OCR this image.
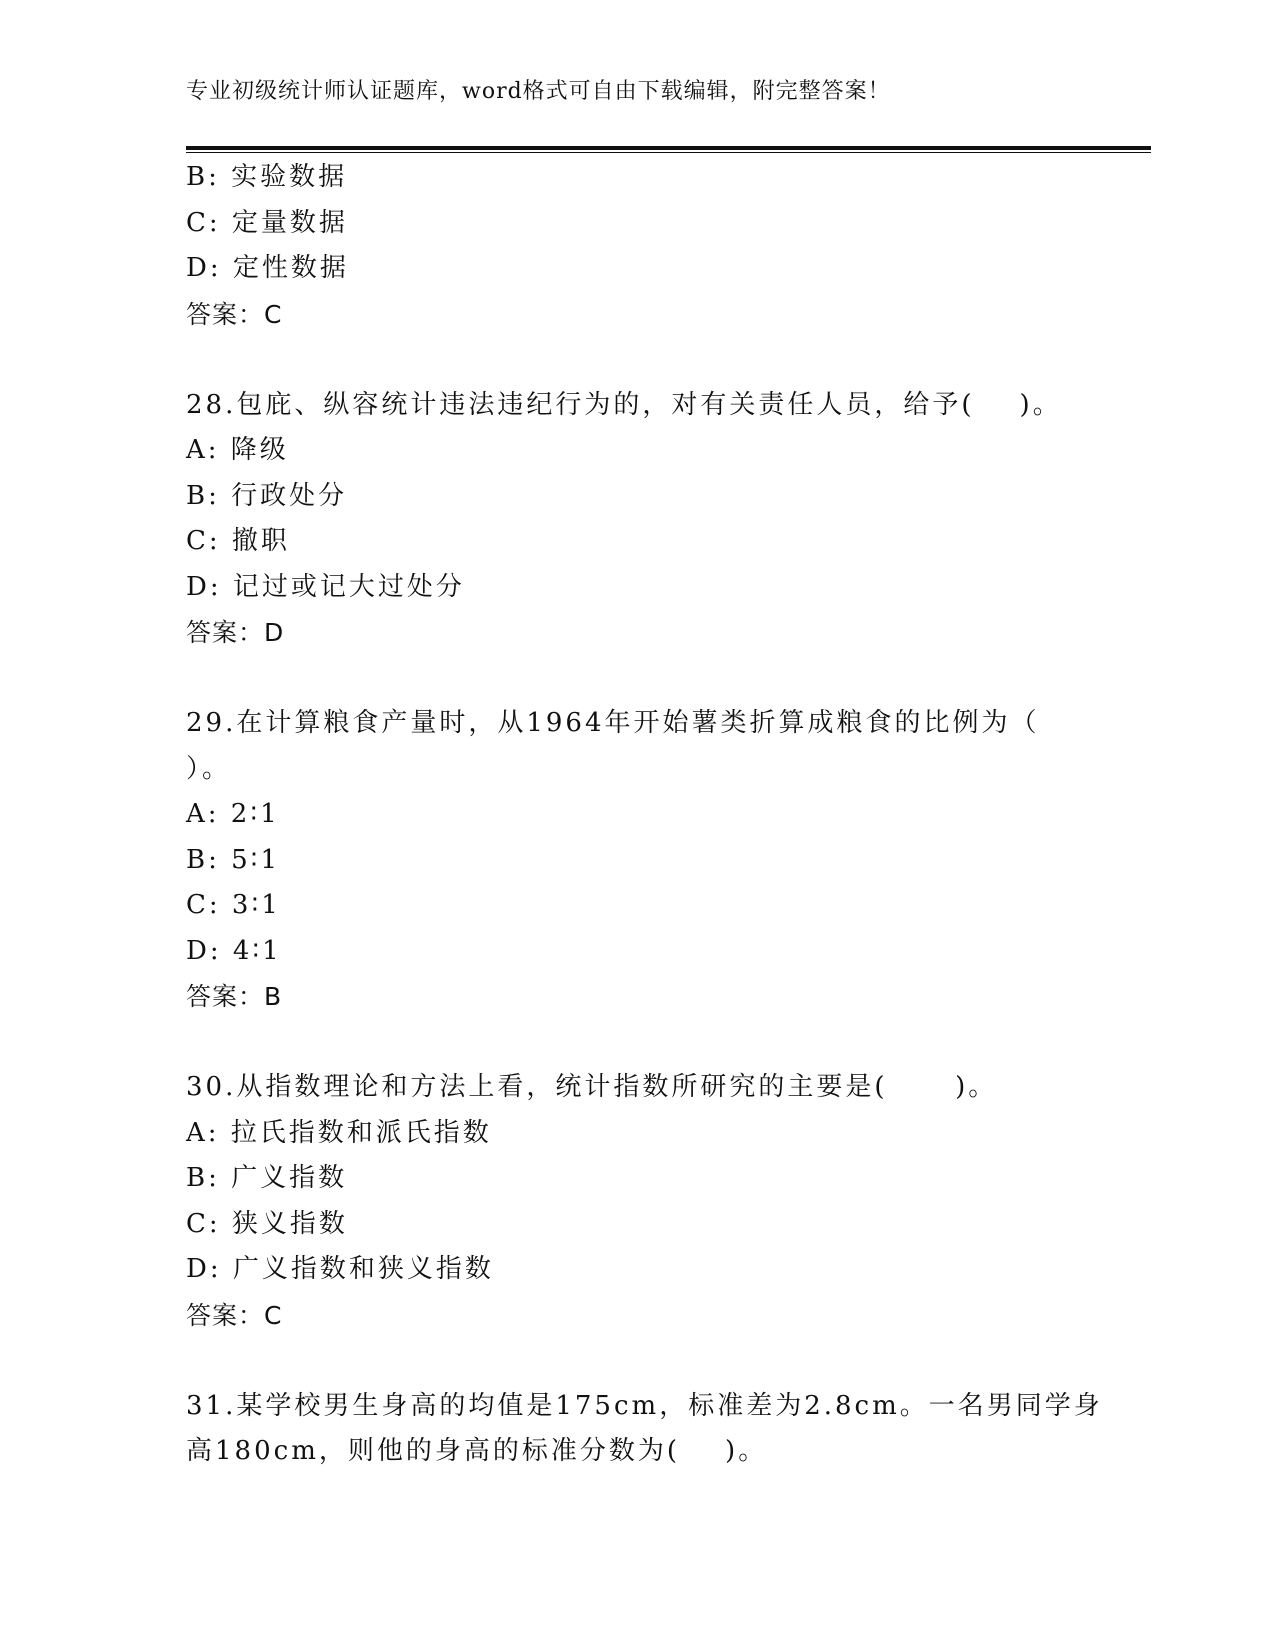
专业初级统计师认证题库，word格式可自由下载编辑，附完整答案！
B: 实验数据
C: 定量数据
D: 定性数据
答案：C
28.包庇、纵容统计违法违纪行为的，对有关责任人员，给予(    )。
A: 降级
B: 行政处分
C: 撤职
D: 记过或记大过处分
答案：D
29.在计算粮食产量时，从1964年开始薯类折算成粮食的比例为（
）。
A: 2∶1
B: 5∶1
C: 3∶1
D: 4∶1
答案：B
30.从指数理论和方法上看，统计指数所研究的主要是(      )。
A: 拉氏指数和派氏指数
B: 广义指数
C: 狭义指数
D: 广义指数和狭义指数
答案：C
31.某学校男生身高的均值是175cm，标准差为2.8cm。一名男同学身
高180cm，则他的身高的标准分数为(    )。
